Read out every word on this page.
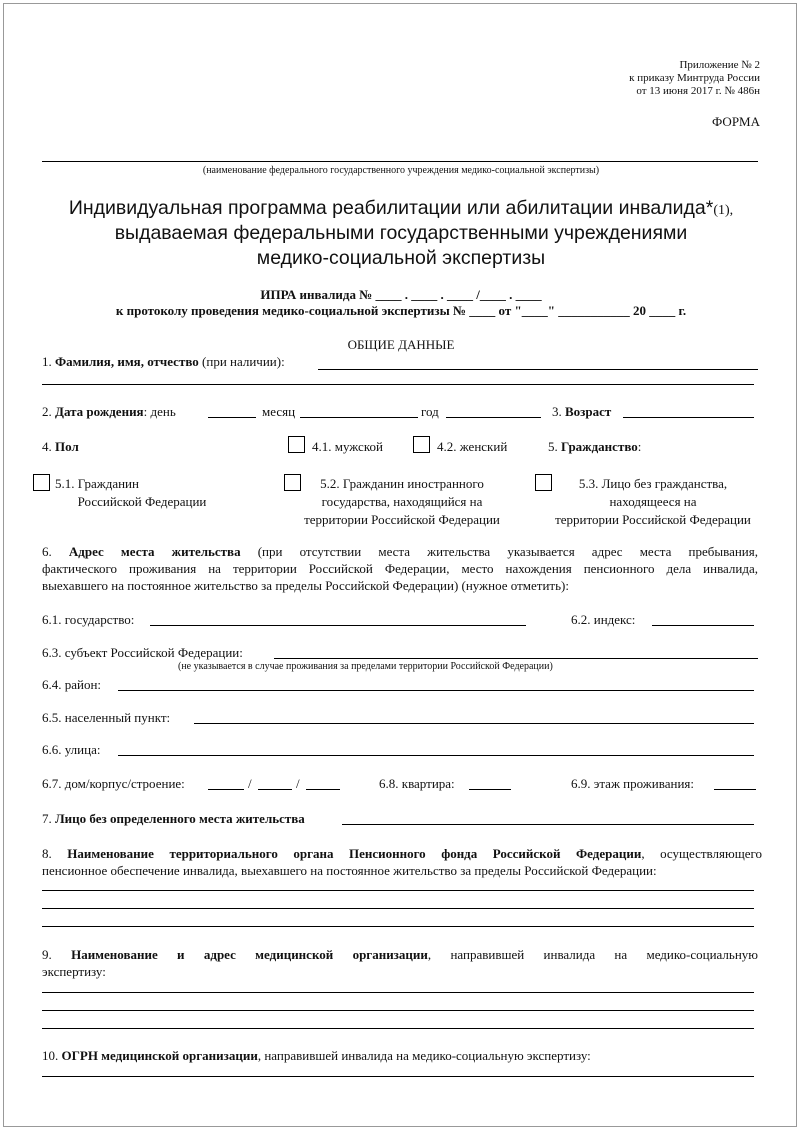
Приложение № 2
к приказу Минтруда России
от 13 июня 2017 г. № 486н
ФОРМА
(наименование федерального государственного учреждения медико-социальной экспертизы)
Индивидуальная программа реабилитации или абилитации инвалида*(1),
выдаваемая федеральными государственными учреждениями
медико-социальной экспертизы
ИПРА инвалида № ____ . ____ . ____ /____ . ____
к протоколу проведения медико-социальной экспертизы № ____ от "____" ___________ 20 ____ г.
ОБЩИЕ ДАННЫЕ
1. Фамилия, имя, отчество (при наличии):
2. Дата рождения: день	месяц	год	3. Возраст
4. Пол	4.1. мужской	4.2. женский	5. Гражданство:
5.1. Гражданин
Российской Федерации
5.2. Гражданин иностранного
государства, находящийся на
территории Российской Федерации
5.3. Лицо без гражданства,
находящееся на
территории Российской Федерации
6. Адрес места жительства (при отсутствии места жительства указывается адрес места пребывания,
фактического проживания на территории Российской Федерации, место нахождения пенсионного дела инвалида,
выехавшего на постоянное жительство за пределы Российской Федерации) (нужное отметить):
6.1. государство:	6.2. индекс:
6.3. субъект Российской Федерации:
(не указывается в случае проживания за пределами территории Российской Федерации)
6.4. район:
6.5. населенный пункт:
6.6. улица:
6.7. дом/корпус/строение:	/	/	6.8. квартира:	6.9. этаж проживания:
7. Лицо без определенного места жительства
8. Наименование территориального органа Пенсионного фонда Российской Федерации, осуществляющего
пенсионное обеспечение инвалида, выехавшего на постоянное жительство за пределы Российской Федерации:
9. Наименование и адрес медицинской организации, направившей инвалида на медико-социальную
экспертизу:
10. ОГРН медицинской организации, направившей инвалида на медико-социальную экспертизу:
